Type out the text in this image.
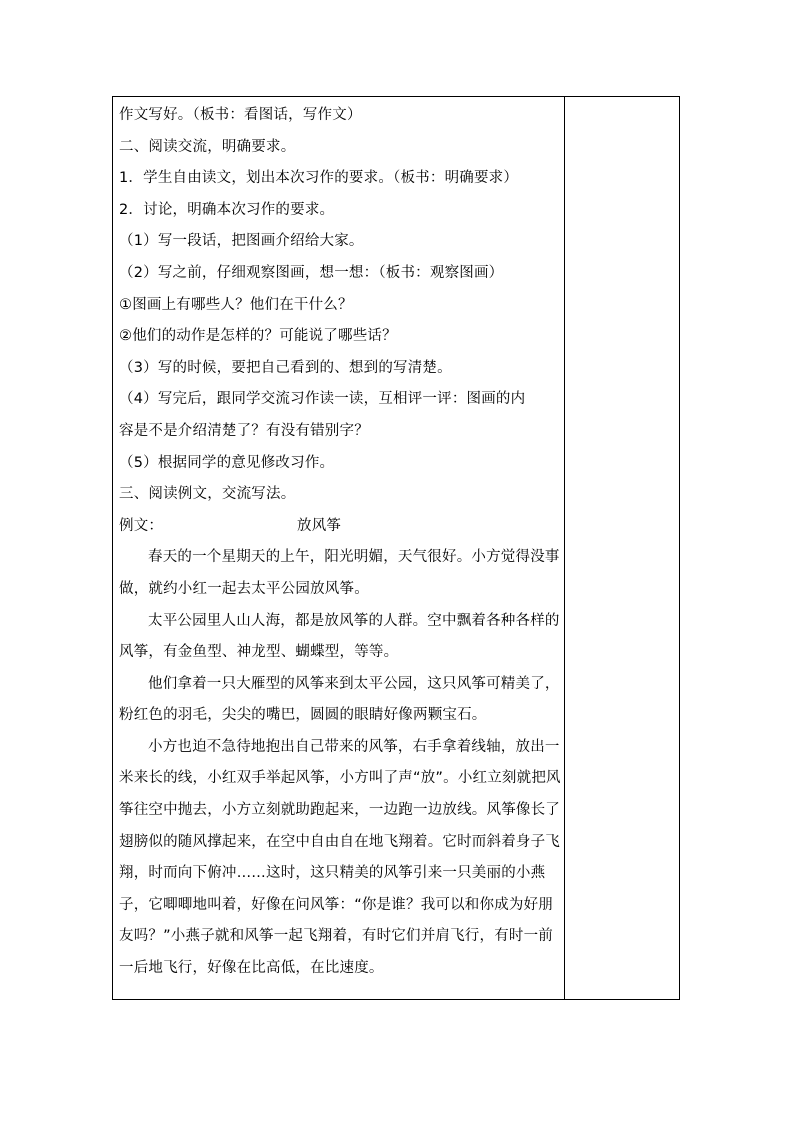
作文写好。（板书：看图话，写作文）
二、阅读交流，明确要求。
1．学生自由读文，划出本次习作的要求。（板书：明确要求）
2．讨论，明确本次习作的要求。
（1）写一段话，把图画介绍给大家。
（2）写之前，仔细观察图画，想一想：（板书：观察图画）
①图画上有哪些人？他们在干什么？
②他们的动作是怎样的？可能说了哪些话？
（3）写的时候，要把自己看到的、想到的写清楚。
（4）写完后，跟同学交流习作读一读，互相评一评：图画的内
容是不是介绍清楚了？有没有错别字？
（5）根据同学的意见修改习作。
三、阅读例文，交流写法。
例文：	放风筝
春天的一个星期天的上午，阳光明媚，天气很好。小方觉得没事做，就约小红一起去太平公园放风筝。
太平公园里人山人海，都是放风筝的人群。空中飘着各种各样的风筝，有金鱼型、神龙型、蝴蝶型，等等。
他们拿着一只大雁型的风筝来到太平公园，这只风筝可精美了，粉红色的羽毛，尖尖的嘴巴，圆圆的眼睛好像两颗宝石。
小方也迫不急待地抱出自己带来的风筝，右手拿着线轴，放出一米来长的线，小红双手举起风筝，小方叫了声“放”。小红立刻就把风筝往空中抛去，小方立刻就助跑起来，一边跑一边放线。风筝像长了翅膀似的随风撑起来，在空中自由自在地飞翔着。它时而斜着身子飞翔，时而向下俯冲……这时，这只精美的风筝引来一只美丽的小燕子，它唧唧地叫着，好像在问风筝：“你是谁？我可以和你成为好朋友吗？”小燕子就和风筝一起飞翔着，有时它们并肩飞行，有时一前一后地飞行，好像在比高低，在比速度。
